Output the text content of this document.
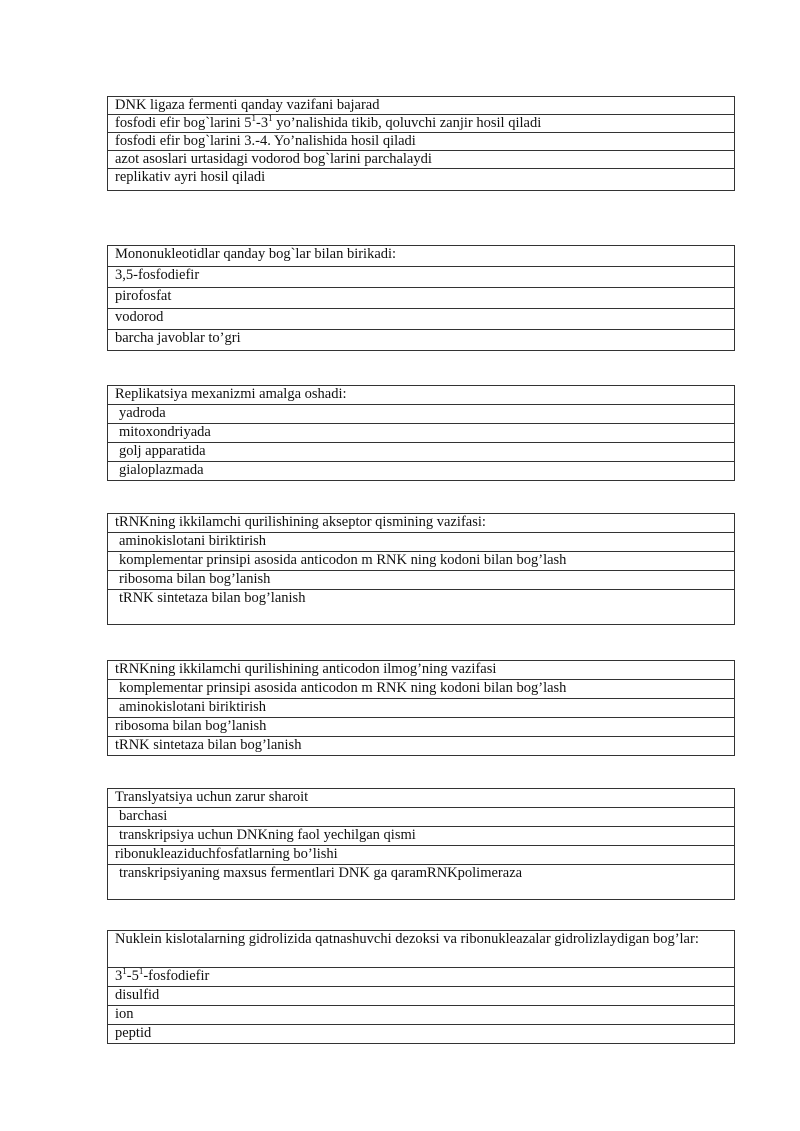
DNK ligaza fermenti qanday vazifani bajarad
fosfodi efir bog`larini $5^1-3^1$ yo’nalishida tikib, qoluvchi zanjir hosil qiladi
fosfodi efir bog`larini 3.-4. Yo’nalishida hosil qiladi
azot asoslari urtasidagi vodorod bog`larini parchalaydi
replikativ ayri hosil qiladi
Mononukleotidlar qanday bog`lar bilan birikadi:
3,5-fosfodiefir
pirofosfat
vodorod
barcha javoblar to’gri
Replikatsiya mexanizmi amalga oshadi:
yadroda
mitoxondriyada
golj apparatida
gialoplazmada
tRNKning ikkilamchi qurilishining akseptor qismining vazifasi:
aminokislotani biriktirish
komplementar prinsipi asosida anticodon m RNK ning kodoni bilan bog’lash
ribosoma bilan bog’lanish
tRNK sintetaza bilan bog’lanish
tRNKning ikkilamchi qurilishining anticodon ilmog’ning vazifasi
komplementar prinsipi asosida anticodon m RNK ning kodoni bilan bog’lash
aminokislotani biriktirish
ribosoma bilan bog’lanish
tRNK sintetaza bilan bog’lanish
Translyatsiya uchun zarur sharoit
barchasi
transkripsiya uchun DNKning faol yechilgan qismi
ribonukleaziduchfosfatlarning bo’lishi
transkripsiyaning maxsus fermentlari DNK ga qaramRNKpolimeraza
Nuklein kislotalarning gidrolizida qatnashuvchi dezoksi va ribonukleazalar gidrolizlaydigan bog’lar:
$3^1-5^1$-fosfodiefir
disulfid
ion
peptid
